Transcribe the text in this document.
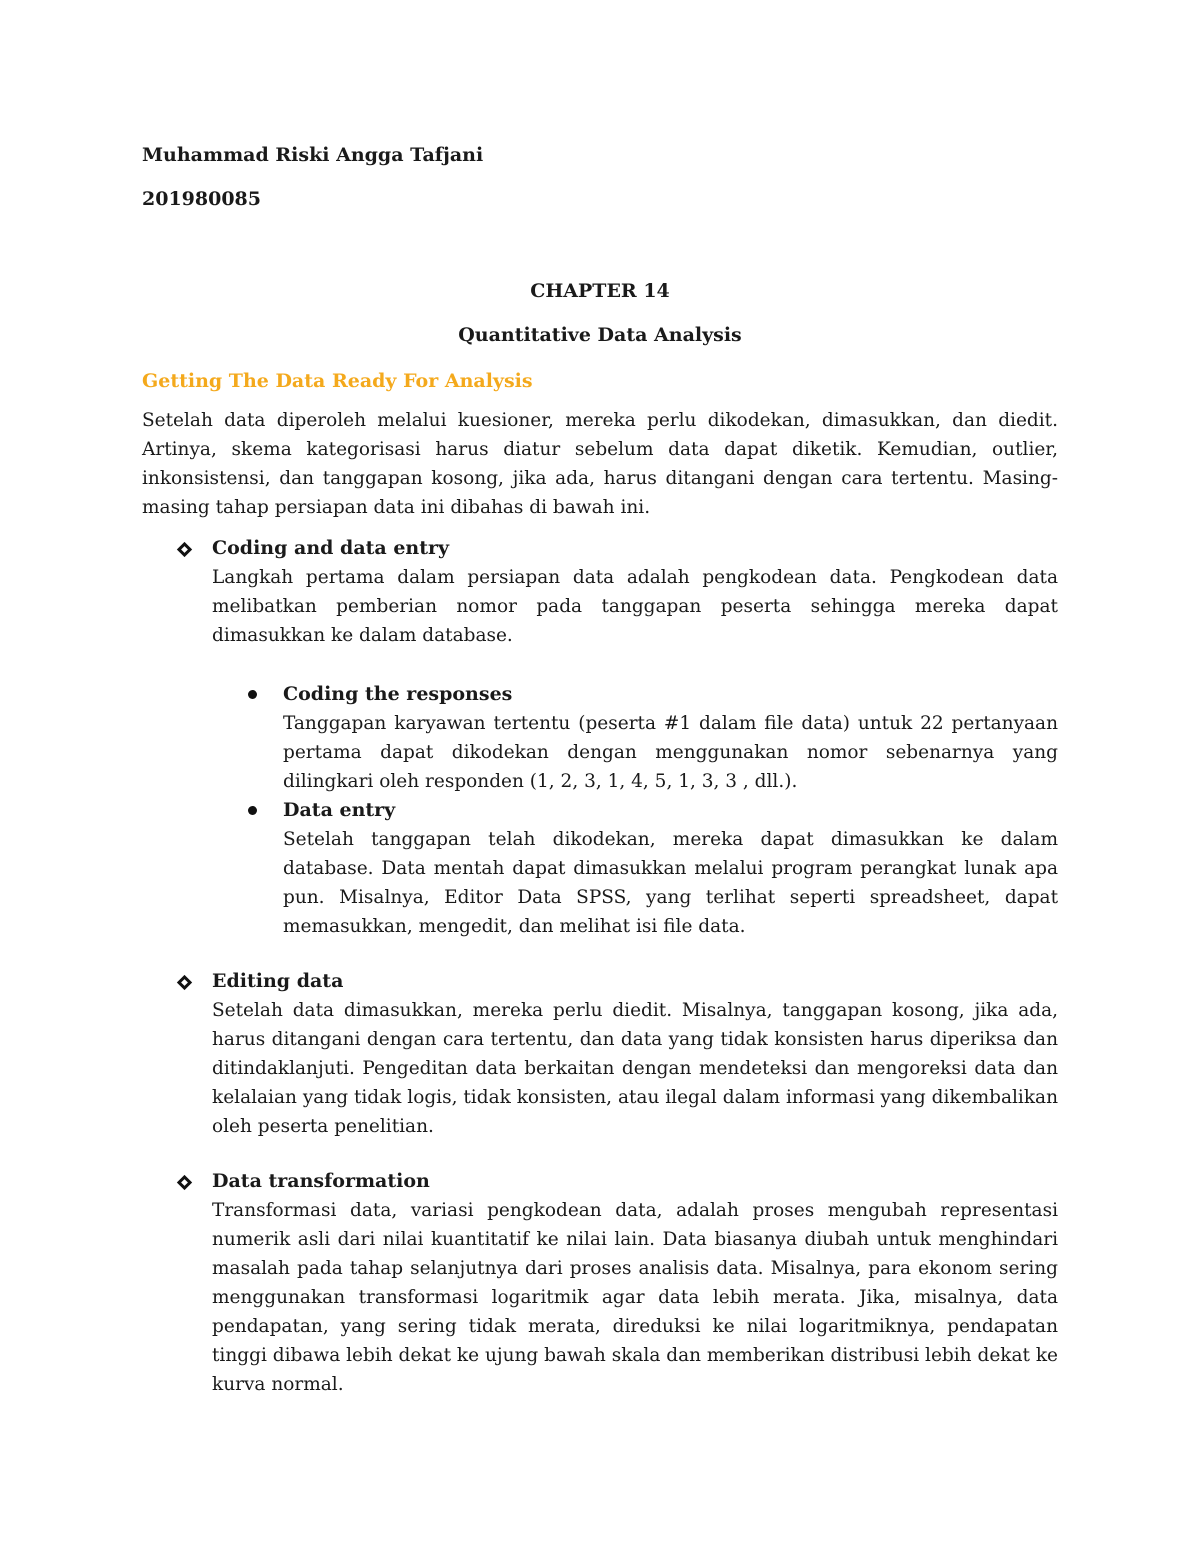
Muhammad Riski Angga Tafjani

201980085

CHAPTER 14

Quantitative Data Analysis

Getting The Data Ready For Analysis

Setelah data diperoleh melalui kuesioner, mereka perlu dikodekan, dimasukkan, dan diedit. Artinya, skema kategorisasi harus diatur sebelum data dapat diketik. Kemudian, outlier, inkonsistensi, dan tanggapan kosong, jika ada, harus ditangani dengan cara tertentu. Masing-masing tahap persiapan data ini dibahas di bawah ini.

Coding and data entry

Langkah pertama dalam persiapan data adalah pengkodean data. Pengkodean data melibatkan pemberian nomor pada tanggapan peserta sehingga mereka dapat dimasukkan ke dalam database.

Coding the responses

Tanggapan karyawan tertentu (peserta #1 dalam file data) untuk 22 pertanyaan pertama dapat dikodekan dengan menggunakan nomor sebenarnya yang dilingkari oleh responden (1, 2, 3, 1, 4, 5, 1, 3, 3 , dll.).

Data entry

Setelah tanggapan telah dikodekan, mereka dapat dimasukkan ke dalam database. Data mentah dapat dimasukkan melalui program perangkat lunak apa pun. Misalnya, Editor Data SPSS, yang terlihat seperti spreadsheet, dapat memasukkan, mengedit, dan melihat isi file data.

Editing data

Setelah data dimasukkan, mereka perlu diedit. Misalnya, tanggapan kosong, jika ada, harus ditangani dengan cara tertentu, dan data yang tidak konsisten harus diperiksa dan ditindaklanjuti. Pengeditan data berkaitan dengan mendeteksi dan mengoreksi data dan kelalaian yang tidak logis, tidak konsisten, atau ilegal dalam informasi yang dikembalikan oleh peserta penelitian.

Data transformation

Transformasi data, variasi pengkodean data, adalah proses mengubah representasi numerik asli dari nilai kuantitatif ke nilai lain. Data biasanya diubah untuk menghindari masalah pada tahap selanjutnya dari proses analisis data. Misalnya, para ekonom sering menggunakan transformasi logaritmik agar data lebih merata. Jika, misalnya, data pendapatan, yang sering tidak merata, direduksi ke nilai logaritmiknya, pendapatan tinggi dibawa lebih dekat ke ujung bawah skala dan memberikan distribusi lebih dekat ke kurva normal.
